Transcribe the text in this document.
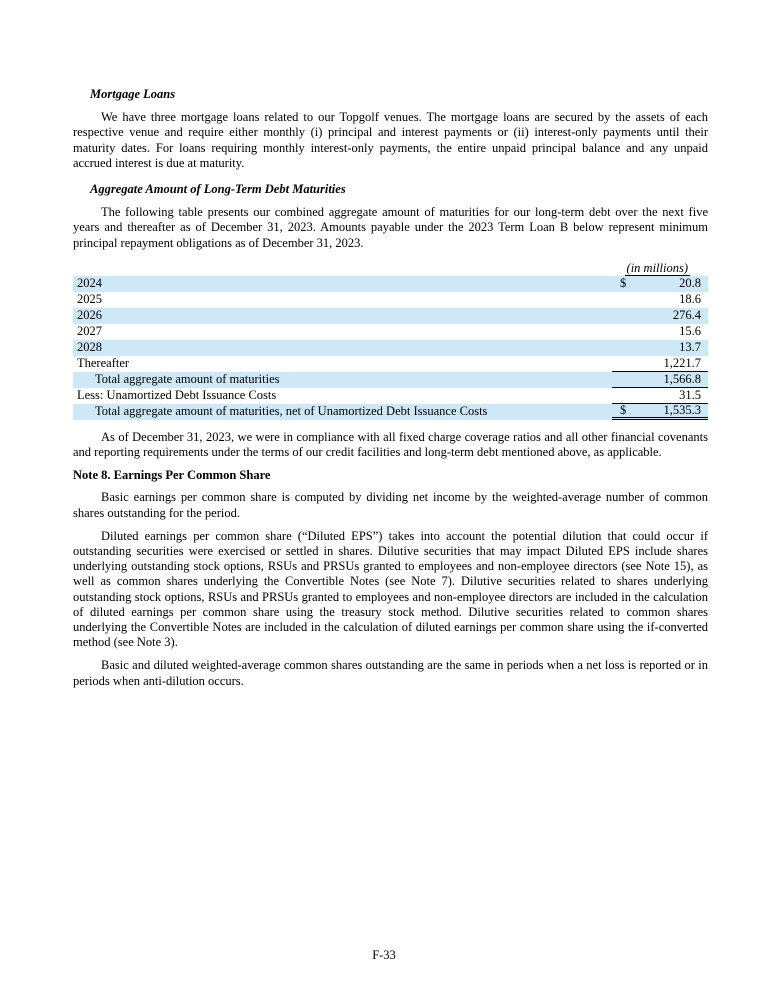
Mortgage Loans

We have three mortgage loans related to our Topgolf venues. The mortgage loans are secured by the assets of each respective venue and require either monthly (i) principal and interest payments or (ii) interest-only payments until their maturity dates. For loans requiring monthly interest-only payments, the entire unpaid principal balance and any unpaid accrued interest is due at maturity.

Aggregate Amount of Long-Term Debt Maturities

The following table presents our combined aggregate amount of maturities for our long-term debt over the next five years and thereafter as of December 31, 2023. Amounts payable under the 2023 Term Loan B below represent minimum principal repayment obligations as of December 31, 2023.

(in millions)
2024	$	20.8
2025	18.6
2026	276.4
2027	15.6
2028	13.7
Thereafter	1,221.7
Total aggregate amount of maturities	1,566.8
Less: Unamortized Debt Issuance Costs	31.5
Total aggregate amount of maturities, net of Unamortized Debt Issuance Costs	$	1,535.3

As of December 31, 2023, we were in compliance with all fixed charge coverage ratios and all other financial covenants and reporting requirements under the terms of our credit facilities and long-term debt mentioned above, as applicable.

Note 8. Earnings Per Common Share

Basic earnings per common share is computed by dividing net income by the weighted-average number of common shares outstanding for the period.

Diluted earnings per common share (“Diluted EPS”) takes into account the potential dilution that could occur if outstanding securities were exercised or settled in shares. Dilutive securities that may impact Diluted EPS include shares underlying outstanding stock options, RSUs and PRSUs granted to employees and non-employee directors (see Note 15), as well as common shares underlying the Convertible Notes (see Note 7). Dilutive securities related to shares underlying outstanding stock options, RSUs and PRSUs granted to employees and non-employee directors are included in the calculation of diluted earnings per common share using the treasury stock method. Dilutive securities related to common shares underlying the Convertible Notes are included in the calculation of diluted earnings per common share using the if-converted method (see Note 3).

Basic and diluted weighted-average common shares outstanding are the same in periods when a net loss is reported or in periods when anti-dilution occurs.

F-33
